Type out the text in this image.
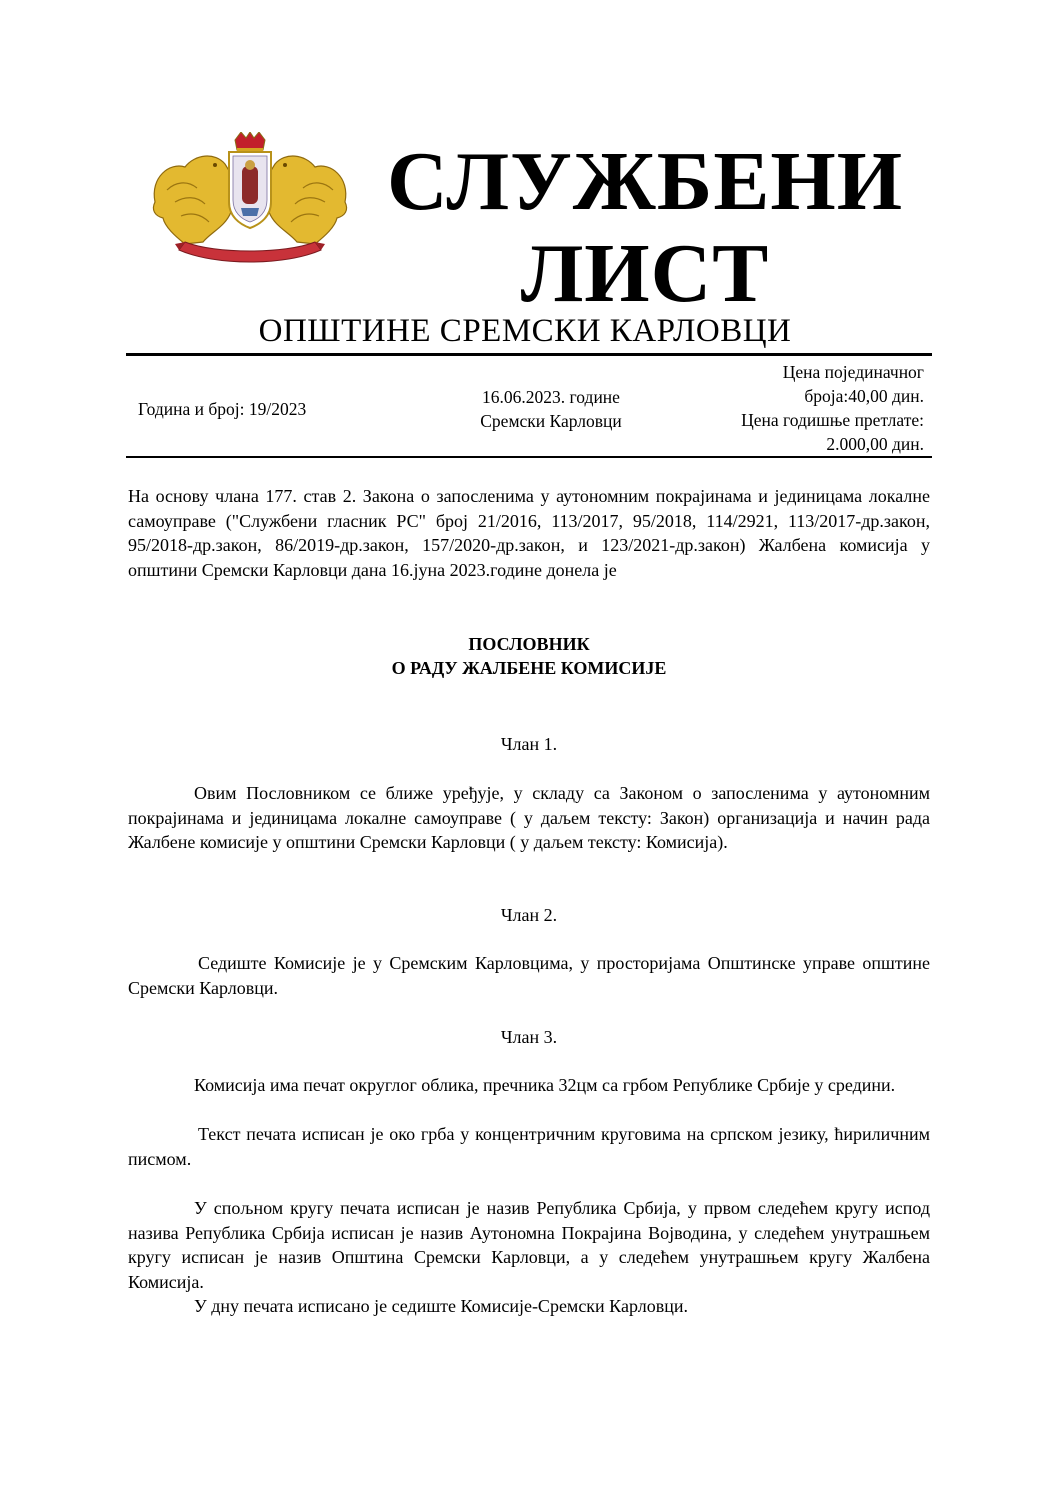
СЛУЖБЕНИ
ЛИСТ
ОПШТИНЕ СРЕМСКИ КАРЛОВЦИ
Година и број: 19/2023
16.06.2023. године
Сремски Карловци
Цена појединачног
броја:40,00 дин.
Цена годишње претлате:
2.000,00 дин.
На основу члана 177. став 2. Закона о запосленима у аутономним покрајинама и јединицама локалне самоуправе ("Службени гласник РС" број 21/2016, 113/2017, 95/2018, 114/2921, 113/2017-др.закон, 95/2018-др.закон, 86/2019-др.закон, 157/2020-др.закон, и 123/2021-др.закон) Жалбена комисија у општини Сремски Карловци дана 16.јуна 2023.године донела је
ПОСЛОВНИК
О РАДУ ЖАЛБЕНЕ КОМИСИЈЕ
Члан 1.
Овим Пословником се ближе уређује, у складу са Законом о запосленима у аутономним покрајинама и јединицама локалне самоуправе ( у даљем тексту: Закон) организација и начин рада Жалбене комисије у општини Сремски Карловци ( у даљем тексту: Комисија).
Члан 2.
Седиште Комисије је у Сремским Карловцима, у просторијама Општинске управе општине Сремски Карловци.
Члан 3.
Комисија има печат округлог облика, пречника 32цм са грбом Републике Србије у средини.
Текст печата исписан је око грба у концентричним круговима на српском језику, ћириличним писмом.
У спољном кругу печата исписан је назив Република Србија, у првом следећем кругу испод назива Република Србија исписан је назив Аутономна Покрајина Војводина, у следећем унутрашњем кругу исписан је назив Општина Сремски Карловци, а у следећем унутрашњем кругу Жалбена Комисија.
У дну печата исписано је седиште Комисије-Сремски Карловци.
